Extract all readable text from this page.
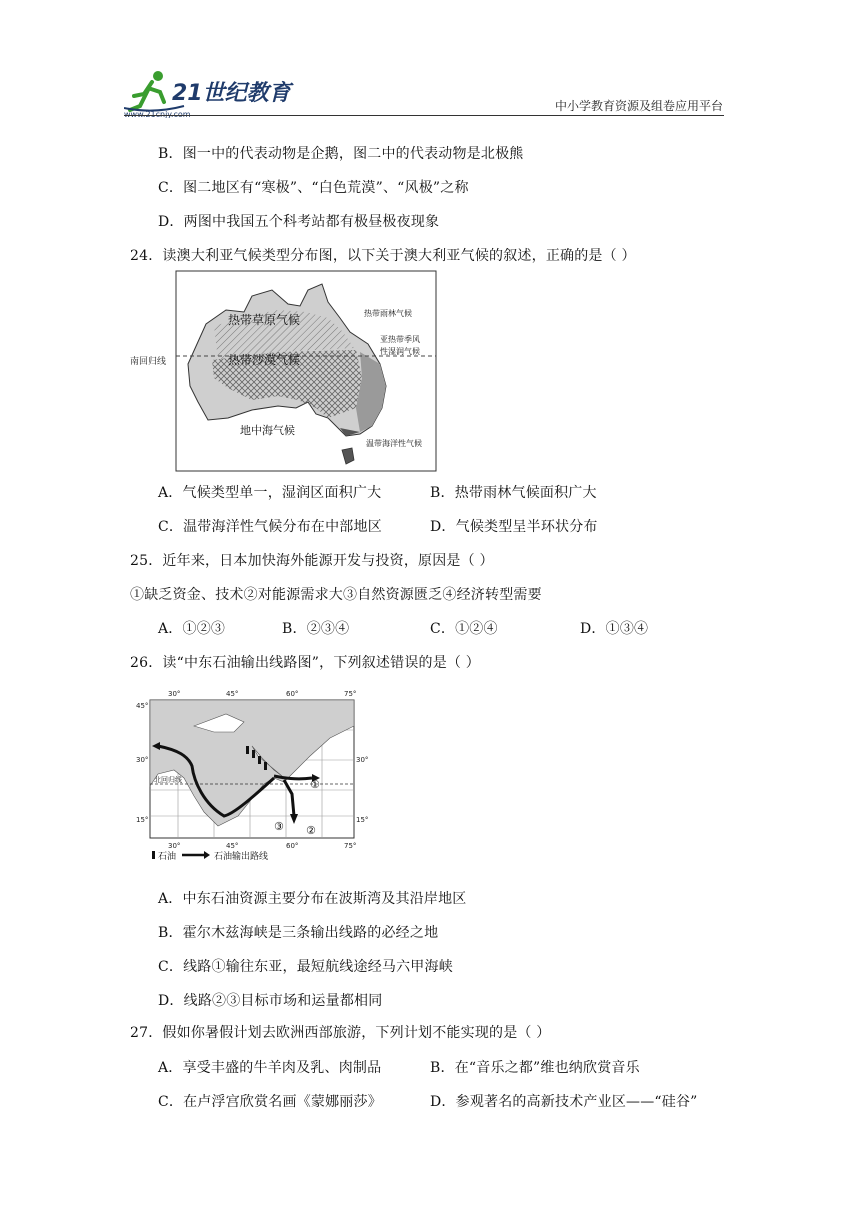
21世纪教育
www.21cnjy.com
中小学教育资源及组卷应用平台
B．图一中的代表动物是企鹅，图二中的代表动物是北极熊
C．图二地区有“寒极”、“白色荒漠”、“风极”之称
D．两图中我国五个科考站都有极昼极夜现象
24．读澳大利亚气候类型分布图，以下关于澳大利亚气候的叙述，正确的是（ ）
南回归线
热带草原气候
热带沙漠气候
地中海气候
热带雨林气候
亚热带季风
性湿润气候
温带海洋性气候
A．气候类型单一，湿润区面积广大	B．热带雨林气候面积广大
C．温带海洋性气候分布在中部地区	D．气候类型呈半环状分布
25．近年来，日本加快海外能源开发与投资，原因是（ ）
①缺乏资金、技术②对能源需求大③自然资源匮乏④经济转型需要
A．①②③	B．②③④	C．①②④	D．①③④
26．读“中东石油输出线路图”，下列叙述错误的是（ ）
北回归线	①
②
③
30°	45°	60°	75°
30°	45°	60°	75°
45°
30°
15°
30°
15°
石油	石油输出路线
A．中东石油资源主要分布在波斯湾及其沿岸地区
B．霍尔木兹海峡是三条输出线路的必经之地
C．线路①输往东亚，最短航线途经马六甲海峡
D．线路②③目标市场和运量都相同
27．假如你暑假计划去欧洲西部旅游，下列计划不能实现的是（ ）
A．享受丰盛的牛羊肉及乳、肉制品	B．在“音乐之都”维也纳欣赏音乐
C．在卢浮宫欣赏名画《蒙娜丽莎》	D．参观著名的高新技术产业区——“硅谷”
